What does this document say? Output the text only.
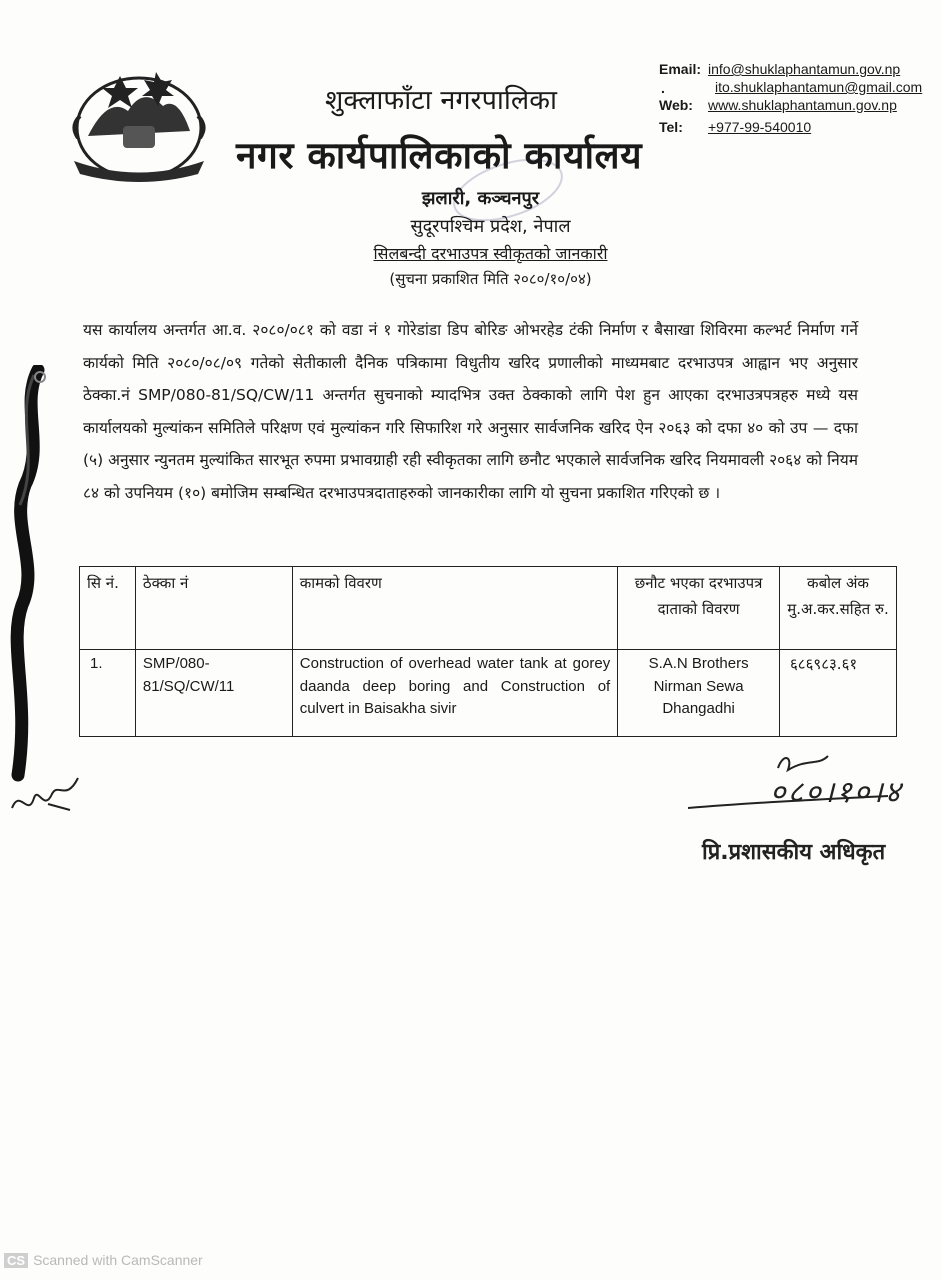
शुक्लाफाँटा नगरपालिका
नगर कार्यपालिकाको कार्यालय
झलारी, कञ्चनपुर
सुदूरपश्चिम प्रदेश, नेपाल
सिलबन्दी दरभाउपत्र स्वीकृतको जानकारी
(सुचना प्रकाशित मिति २०८०/१०/०४)
Email: info@shuklaphantamun.gov.np
.	ito.shuklaphantamun@gmail.com
Web: www.shuklaphantamun.gov.np
Tel: +977-99-540010
यस कार्यालय अन्तर्गत आ.व. २०८०/०८१ को वडा नं १ गोरेडांडा डिप बोरिङ ओभरहेड टंकी निर्माण र बैसाखा शिविरमा कल्भर्ट निर्माण गर्ने कार्यको मिति २०८०/०८/०९ गतेको सेतीकाली दैनिक पत्रिकामा विधुतीय खरिद प्रणालीको माध्यमबाट दरभाउपत्र आह्वान भए अनुसार ठेक्का.नं SMP/080-81/SQ/CW/11 अन्तर्गत सुचनाको म्यादभित्र उक्त ठेक्काको लागि पेश हुन आएका दरभाउत्रपत्रहरु मध्ये यस कार्यालयको मुल्यांकन समितिले परिक्षण एवं मुल्यांकन गरि सिफारिश गरे अनुसार सार्वजनिक खरिद ऐन २०६३ को दफा ४० को उप — दफा (५) अनुसार न्युनतम मुल्यांकित सारभूत रुपमा प्रभावग्राही रही स्वीकृतका लागि छनौट भएकाले सार्वजनिक खरिद नियमावली २०६४ को नियम ८४ को उपनियम (१०) बमोजिम सम्बन्धित दरभाउपत्रदाताहरुको जानकारीका लागि यो सुचना प्रकाशित गरिएको छ ।
सि नं.	ठेक्का नं	कामको विवरण	छनौट भएका दरभाउपत्र दाताको विवरण	कबोल अंक मु.अ.कर.सहित रु.
1.	SMP/080-81/SQ/CW/11	Construction of overhead water tank at gorey daanda deep boring and Construction of culvert in Baisakha sivir	S.A.N Brothers Nirman Sewa Dhangadhi	६८६९८३.६१
०८०।१०।४
प्रि.प्रशासकीय अधिकृत
CS Scanned with CamScanner
